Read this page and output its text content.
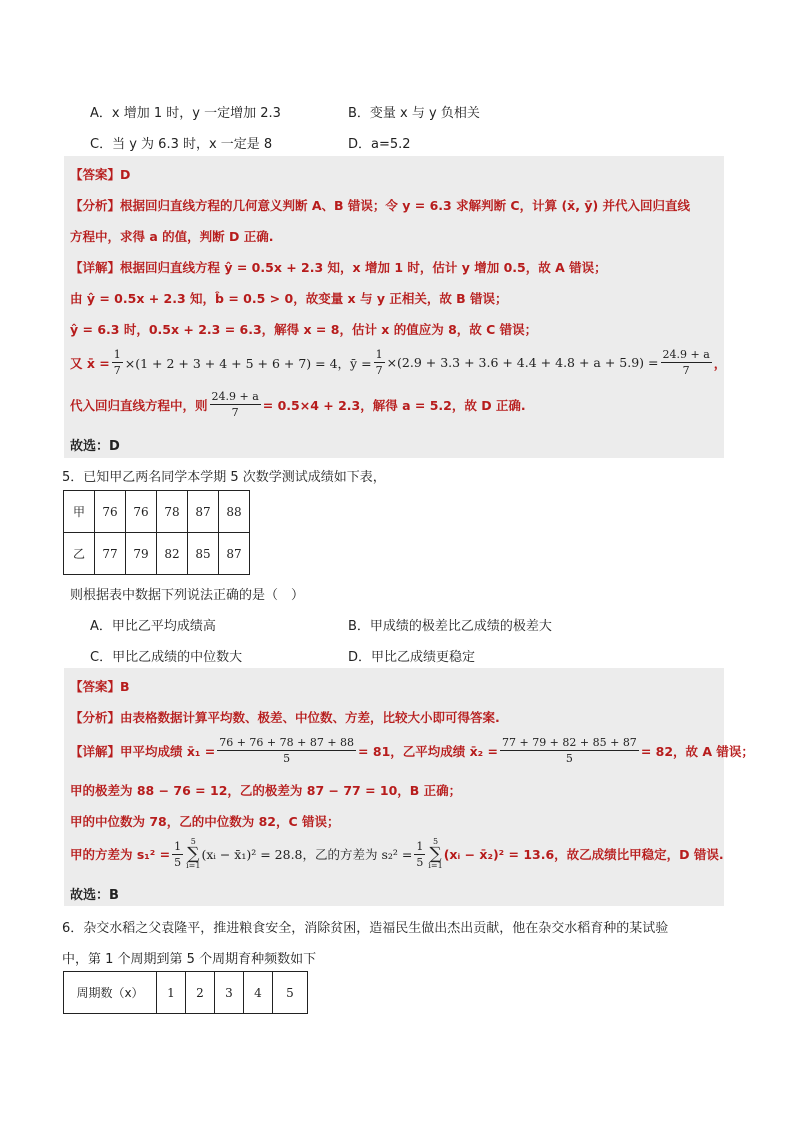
A．x 增加 1 时，y 一定增加 2.3	B．变量 x 与 y 负相关
C．当 y 为 6.3 时，x 一定是 8	D．a=5.2
【答案】D
【分析】根据回归直线方程的几何意义判断 A、B 错误；令 y = 6.3 求解判断 C，计算 (x̄, ȳ) 并代入回归直线
方程中，求得 a 的值，判断 D 正确.
【详解】根据回归直线方程 ŷ = 0.5x + 2.3 知，x 增加 1 时，估计 y 增加 0.5，故 A 错误；
由 ŷ = 0.5x + 2.3 知，b̂ = 0.5 > 0，故变量 x 与 y 正相关，故 B 错误；
ŷ = 6.3 时，0.5x + 2.3 = 6.3，解得 x = 8，估计 x 的值应为 8，故 C 错误；
又 x̄ = $\frac{1}{7} \times(1 + 2 + 3 + 4 + 5 + 6 + 7) = 4$，ȳ = $\frac{1}{7} \times(2.9 + 3.3 + 3.6 + 4.4 + 4.8 + a + 5.9) = \frac{24.9 + a}{7}$ ，
代入回归直线方程中，则 $\frac{24.9 + a}{7} = 0.5\times 4 + 2.3$，解得 a = 5.2，故 D 正确.
故选：D
5．已知甲乙两名同学本学期 5 次数学测试成绩如下表，
甲	76	76	78	87	88
乙	77	79	82	85	87
则根据表中数据下列说法正确的是（　）
A．甲比乙平均成绩高	B．甲成绩的极差比乙成绩的极差大
C．甲比乙成绩的中位数大	D．甲比乙成绩更稳定
【答案】B
【分析】由表格数据计算平均数、极差、中位数、方差，比较大小即可得答案.
【详解】甲平均成绩 x̄₁ = $\frac{76 + 76 + 78 + 87 + 88}{5} = 81$，乙平均成绩 x̄₂ = $\frac{77 + 79 + 82 + 85 + 87}{5} = 82$，故 A 错误；
甲的极差为 88 − 76 = 12，乙的极差为 87 − 77 = 10，B 正确；
甲的中位数为 78，乙的中位数为 82，C 错误；
甲的方差为 $s_1^2 = \frac{1}{5} 5$
∑
i=1
(xᵢ − x̄₁)² = 28.8，乙的方差为 $s_2^2 = \frac{1}{5} 5$
∑
i=1
(xᵢ − x̄₂)² = 13.6，故乙成绩比甲稳定，D 错误.
故选：B
6．杂交水稻之父袁隆平，推进粮食安全，消除贫困，造福民生做出杰出贡献，他在杂交水稻育种的某试验
中，第 1 个周期到第 5 个周期育种频数如下
周期数（x）	1	2	3	4	5
